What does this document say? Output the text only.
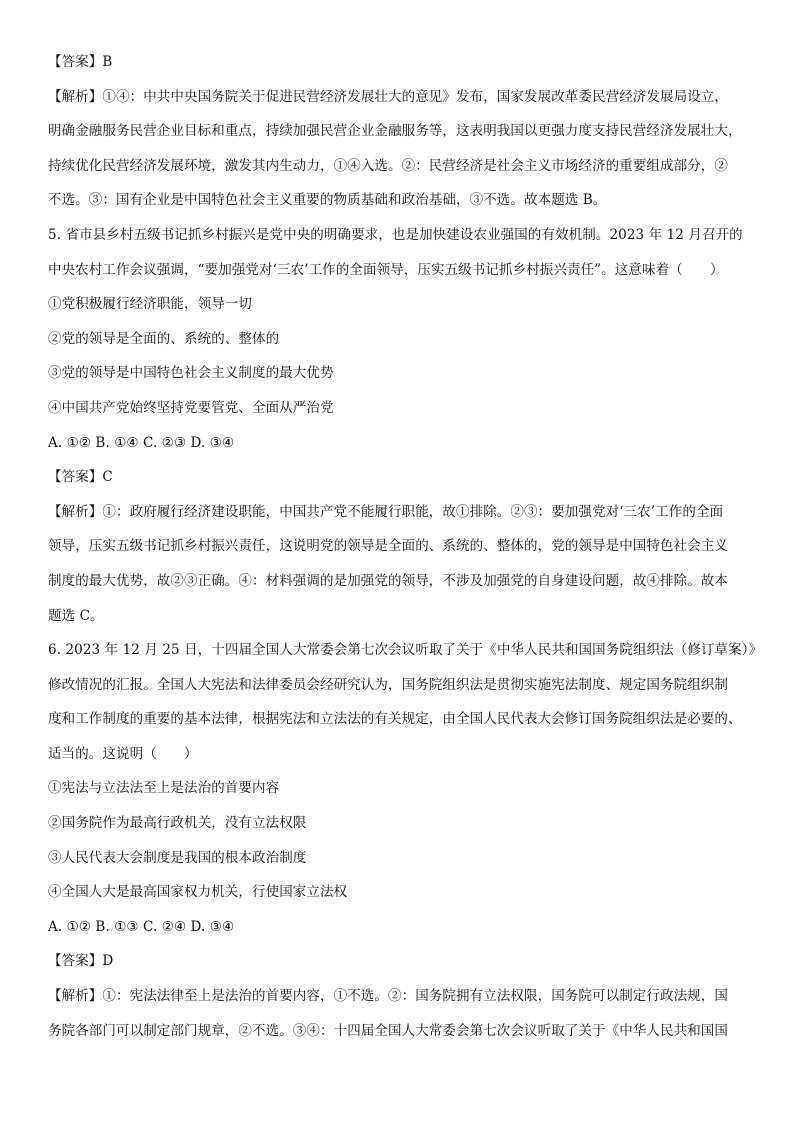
【答案】B
【解析】①④：中共中央国务院关于促进民营经济发展壮大的意见》发布，国家发展改革委民营经济发展局设立，
明确金融服务民营企业目标和重点，持续加强民营企业金融服务等，这表明我国以更强力度支持民营经济发展壮大，
持续优化民营经济发展环境，激发其内生动力，①④入选。②：民营经济是社会主义市场经济的重要组成部分，②
不选。③：国有企业是中国特色社会主义重要的物质基础和政治基础，③不选。故本题选 B。
5. 省市县乡村五级书记抓乡村振兴是党中央的明确要求，也是加快建设农业强国的有效机制。2023 年 12 月召开的
中央农村工作会议强调，“要加强党对‘三农’工作的全面领导，压实五级书记抓乡村振兴责任”。这意味着（　　）
①党积极履行经济职能，领导一切
②党的领导是全面的、系统的、整体的
③党的领导是中国特色社会主义制度的最大优势
④中国共产党始终坚持党要管党、全面从严治党
A. ①② B. ①④ C. ②③ D. ③④
【答案】C
【解析】①：政府履行经济建设职能，中国共产党不能履行职能，故①排除。②③：要加强党对‘三农’工作的全面
领导，压实五级书记抓乡村振兴责任，这说明党的领导是全面的、系统的、整体的，党的领导是中国特色社会主义
制度的最大优势，故②③正确。④：材料强调的是加强党的领导，不涉及加强党的自身建设问题，故④排除。故本
题选 C。
6. 2023 年 12 月 25 日，十四届全国人大常委会第七次会议听取了关于《中华人民共和国国务院组织法（修订草案）》
修改情况的汇报。全国人大宪法和法律委员会经研究认为，国务院组织法是贯彻实施宪法制度、规定国务院组织制
度和工作制度的重要的基本法律，根据宪法和立法法的有关规定，由全国人民代表大会修订国务院组织法是必要的、
适当的。这说明（　　）
①宪法与立法法至上是法治的首要内容
②国务院作为最高行政机关，没有立法权限
③人民代表大会制度是我国的根本政治制度
④全国人大是最高国家权力机关，行使国家立法权
A. ①② B. ①③ C. ②④ D. ③④
【答案】D
【解析】①：宪法法律至上是法治的首要内容，①不选。②：国务院拥有立法权限，国务院可以制定行政法规，国
务院各部门可以制定部门规章，②不选。③④：十四届全国人大常委会第七次会议听取了关于《中华人民共和国国
